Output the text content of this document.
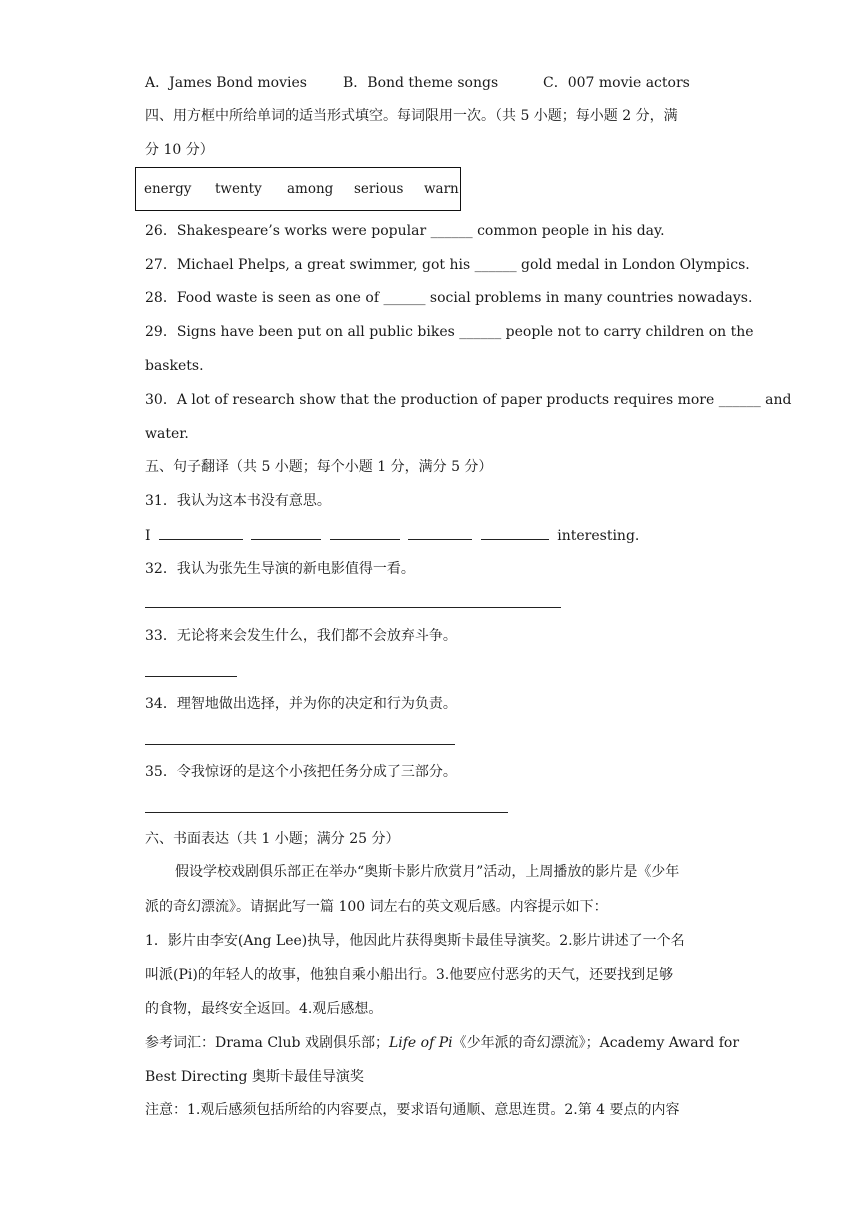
A．James Bond movies	B．Bond theme songs	C．007 movie actors
四、用方框中所给单词的适当形式填空。每词限用一次。（共 5 小题；每小题 2 分，满
分 10 分）
energy twenty among serious warn
26．Shakespeare’s works were popular ______ common people in his day.
27．Michael Phelps, a great swimmer, got his ______ gold medal in London Olympics.
28．Food waste is seen as one of ______ social problems in many countries nowadays.
29．Signs have been put on all public bikes ______ people not to carry children on the
baskets.
30．A lot of research show that the production of paper products requires more ______ and
water.
五、句子翻译（共 5 小题；每个小题 1 分，满分 5 分）
31．我认为这本书没有意思。
I	interesting.
32．我认为张先生导演的新电影值得一看。
33．无论将来会发生什么，我们都不会放弃斗争。
34．理智地做出选择，并为你的决定和行为负责。
35．令我惊讶的是这个小孩把任务分成了三部分。
六、书面表达（共 1 小题；满分 25 分）
假设学校戏剧俱乐部正在举办“奥斯卡影片欣赏月”活动，上周播放的影片是《少年
派的奇幻漂流》。请据此写一篇 100 词左右的英文观后感。内容提示如下：
1．影片由李安(Ang Lee)执导，他因此片获得奥斯卡最佳导演奖。2.影片讲述了一个名
叫派(Pi)的年轻人的故事，他独自乘小船出行。3.他要应付恶劣的天气，还要找到足够
的食物，最终安全返回。4.观后感想。
参考词汇：Drama Club 戏剧俱乐部；Life of Pi《少年派的奇幻漂流》；Academy Award for
Best Directing 奥斯卡最佳导演奖
注意：1.观后感须包括所给的内容要点，要求语句通顺、意思连贯。2.第 4 要点的内容
